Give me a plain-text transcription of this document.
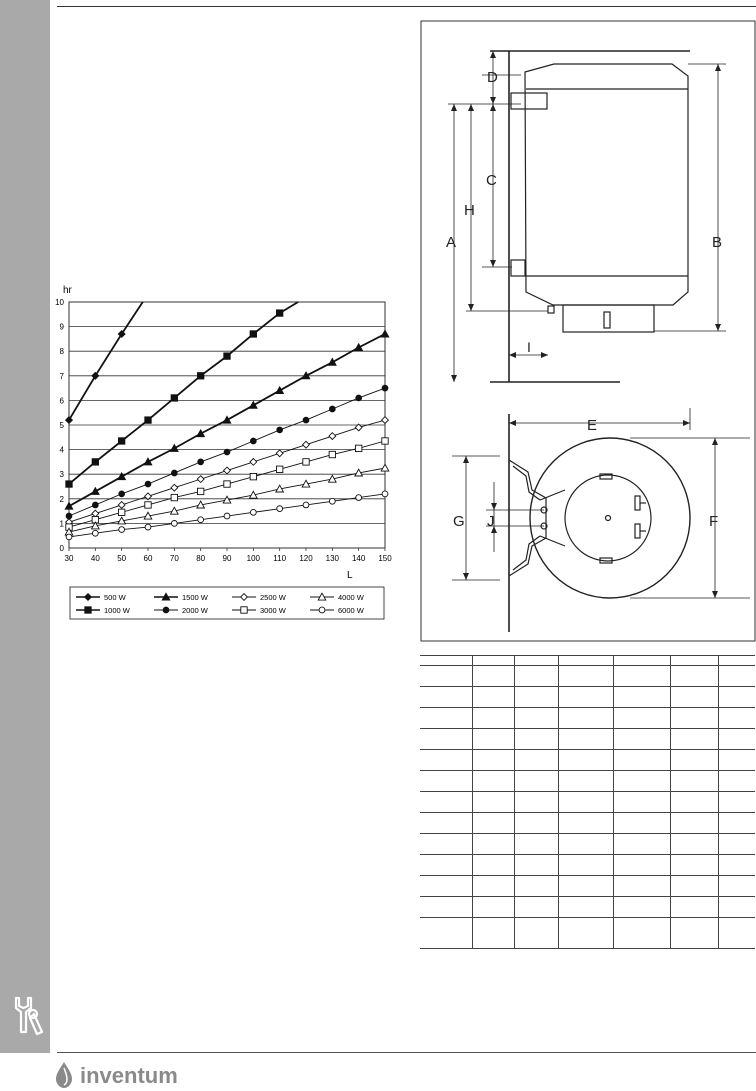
0
1
2
3
4
5
6
7
8
9
10
30 40 50 60 70 80 90 100 110 120 130 140 150
hr
L
500 W	1500 W	2500 W	4000 W
1000 W	2000 W	3000 W	6000 W
D
C
H
A	B
I
E
F
G J

inventum
